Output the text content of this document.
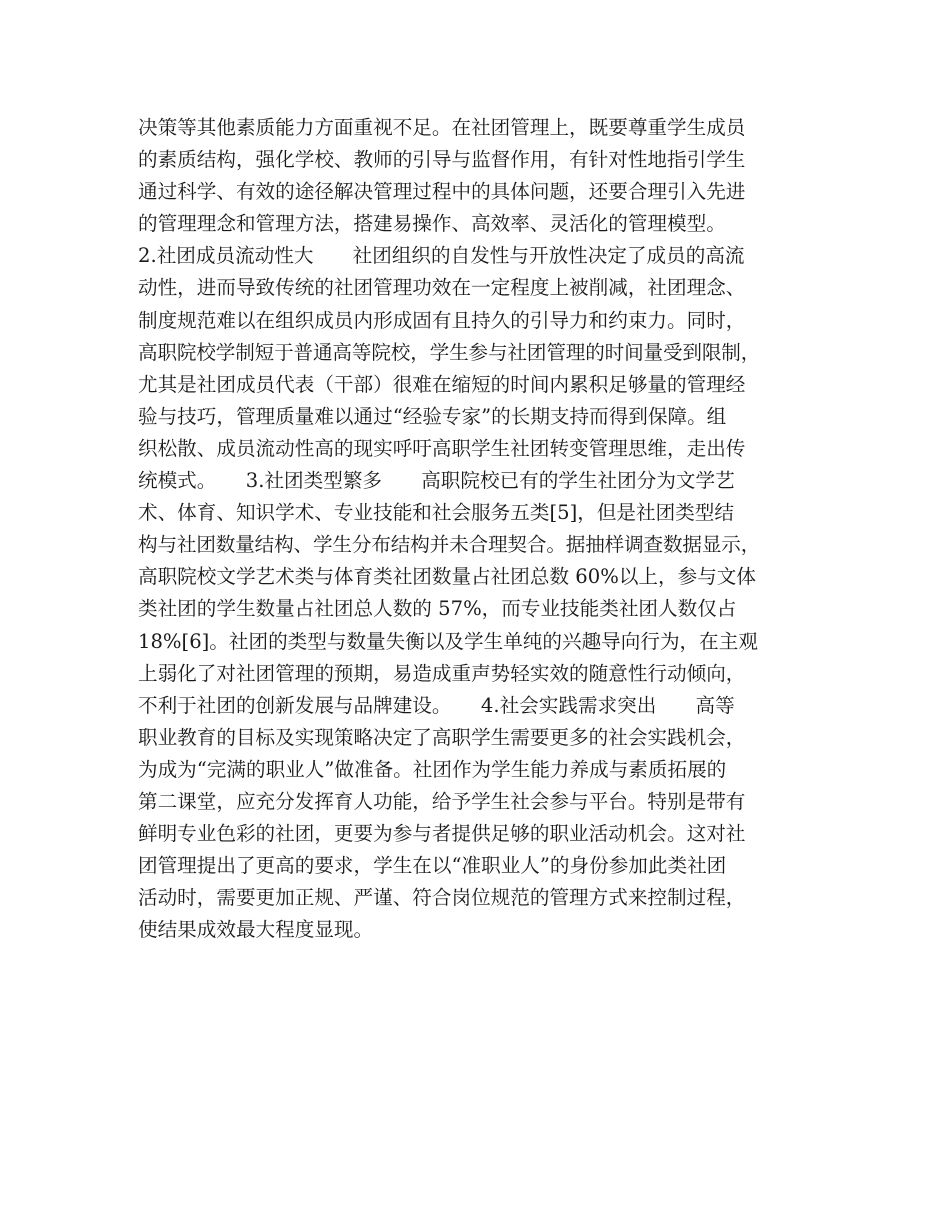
决策等其他素质能力方面重视不足。在社团管理上，既要尊重学生成员
的素质结构，强化学校、教师的引导与监督作用，有针对性地指引学生
通过科学、有效的途径解决管理过程中的具体问题，还要合理引入先进
的管理理念和管理方法，搭建易操作、高效率、灵活化的管理模型。
2.社团成员流动性大　　社团组织的自发性与开放性决定了成员的高流
动性，进而导致传统的社团管理功效在一定程度上被削减，社团理念、
制度规范难以在组织成员内形成固有且持久的引导力和约束力。同时，
高职院校学制短于普通高等院校，学生参与社团管理的时间量受到限制，
尤其是社团成员代表（干部）很难在缩短的时间内累积足够量的管理经
验与技巧，管理质量难以通过“经验专家”的长期支持而得到保障。组
织松散、成员流动性高的现实呼吁高职学生社团转变管理思维，走出传
统模式。　　3.社团类型繁多　　高职院校已有的学生社团分为文学艺
术、体育、知识学术、专业技能和社会服务五类[5]，但是社团类型结
构与社团数量结构、学生分布结构并未合理契合。据抽样调查数据显示，
高职院校文学艺术类与体育类社团数量占社团总数 60%以上，参与文体
类社团的学生数量占社团总人数的 57%，而专业技能类社团人数仅占
18%[6]。社团的类型与数量失衡以及学生单纯的兴趣导向行为，在主观
上弱化了对社团管理的预期，易造成重声势轻实效的随意性行动倾向，
不利于社团的创新发展与品牌建设。　　4.社会实践需求突出　　高等
职业教育的目标及实现策略决定了高职学生需要更多的社会实践机会，
为成为“完满的职业人”做准备。社团作为学生能力养成与素质拓展的
第二课堂，应充分发挥育人功能，给予学生社会参与平台。特别是带有
鲜明专业色彩的社团，更要为参与者提供足够的职业活动机会。这对社
团管理提出了更高的要求，学生在以“准职业人”的身份参加此类社团
活动时，需要更加正规、严谨、符合岗位规范的管理方式来控制过程，
使结果成效最大程度显现。
